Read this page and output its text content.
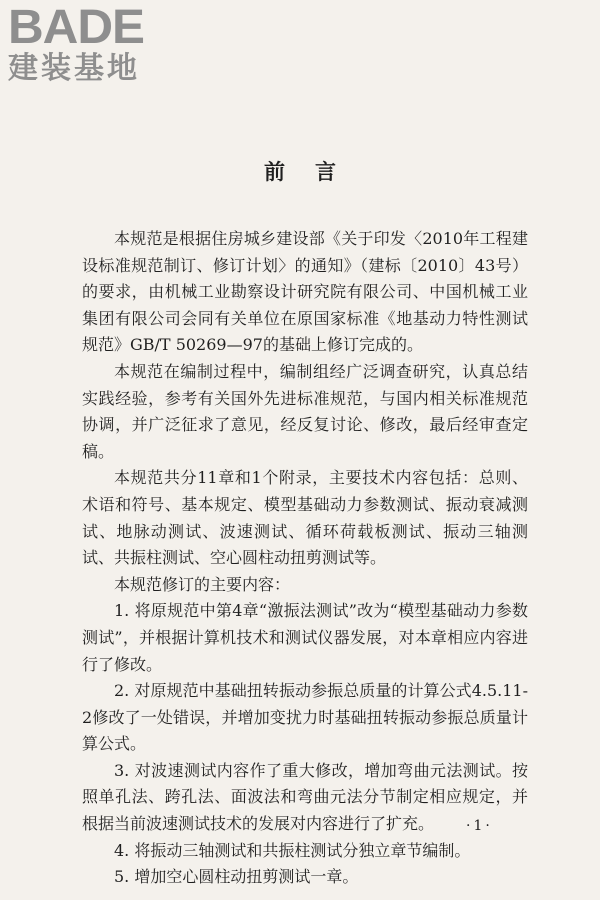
BADE
建装基地
前言

本规范是根据住房城乡建设部《关于印发〈2010年工程建设标准规范制订、修订计划〉的通知》（建标〔2010〕43号）的要求，由机械工业勘察设计研究院有限公司、中国机械工业集团有限公司会同有关单位在原国家标准《地基动力特性测试规范》GB/T 50269—97的基础上修订完成的。

本规范在编制过程中，编制组经广泛调查研究，认真总结实践经验，参考有关国外先进标准规范，与国内相关标准规范协调，并广泛征求了意见，经反复讨论、修改，最后经审查定稿。

本规范共分11章和1个附录，主要技术内容包括：总则、术语和符号、基本规定、模型基础动力参数测试、振动衰减测试、地脉动测试、波速测试、循环荷载板测试、振动三轴测试、共振柱测试、空心圆柱动扭剪测试等。

本规范修订的主要内容：

1. 将原规范中第4章“激振法测试”改为“模型基础动力参数测试”，并根据计算机技术和测试仪器发展，对本章相应内容进行了修改。

2. 对原规范中基础扭转振动参振总质量的计算公式4.5.11-2修改了一处错误，并增加变扰力时基础扭转振动参振总质量计算公式。

3. 对波速测试内容作了重大修改，增加弯曲元法测试。按照单孔法、跨孔法、面波法和弯曲元法分节制定相应规定，并根据当前波速测试技术的发展对内容进行了扩充。

4. 将振动三轴测试和共振柱测试分独立章节编制。

5. 增加空心圆柱动扭剪测试一章。

·1·
